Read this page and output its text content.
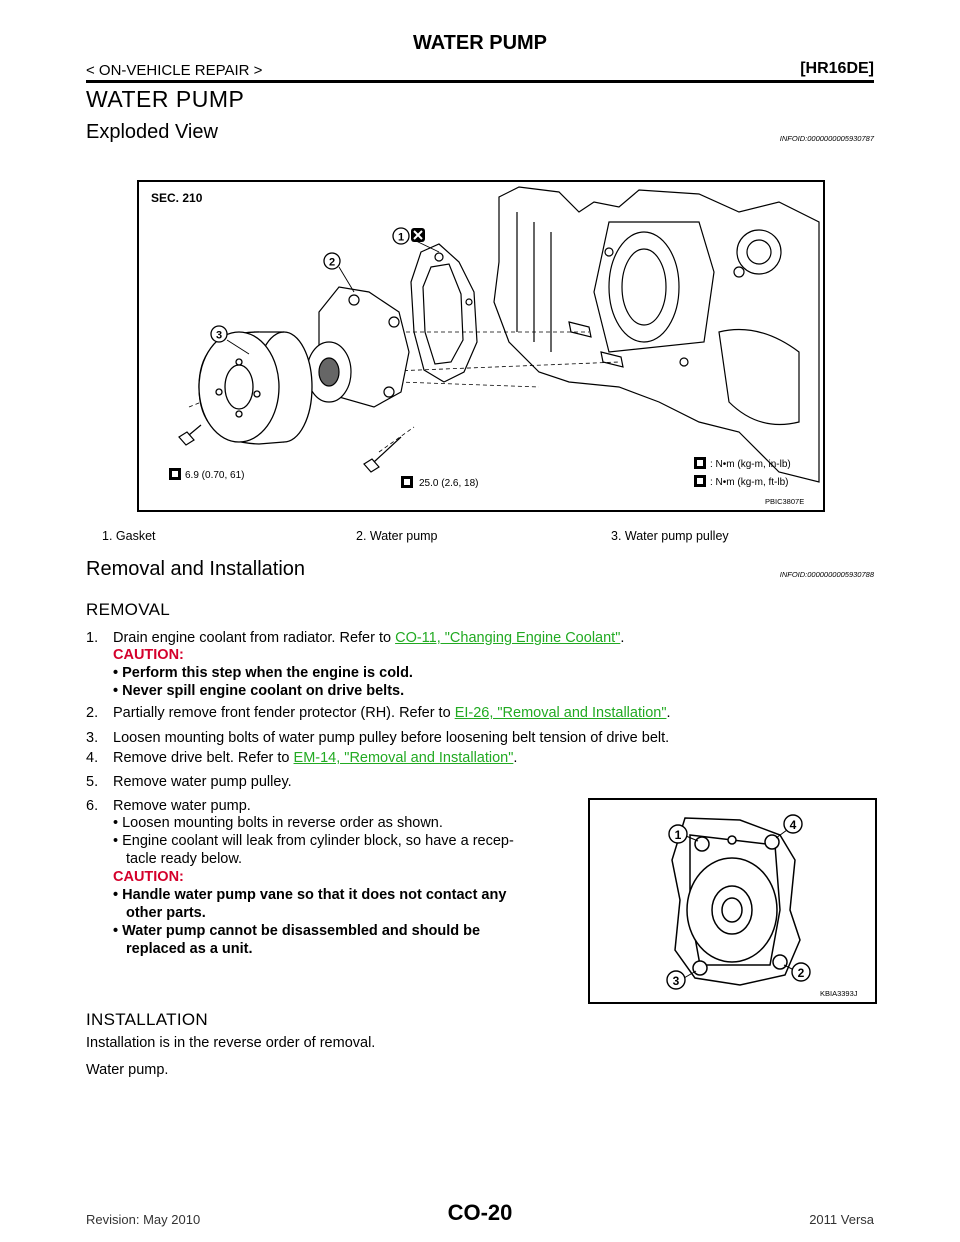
WATER PUMP
< ON-VEHICLE REPAIR >	[HR16DE]
WATER PUMP
Exploded View	INFOID:0000000005930787
SEC. 210
1
2
3
6.9 (0.70, 61)
25.0 (2.6, 18)
: N•m (kg-m, in-lb)
: N•m (kg-m, ft-lb)
PBIC3807E
1. Gasket	2. Water pump	3. Water pump pulley
Removal and Installation	INFOID:0000000005930788
REMOVAL
1. Drain engine coolant from radiator. Refer to CO-11, "Changing Engine Coolant".
CAUTION:
• Perform this step when the engine is cold.
• Never spill engine coolant on drive belts.
2. Partially remove front fender protector (RH). Refer to EI-26, "Removal and Installation".
3. Loosen mounting bolts of water pump pulley before loosening belt tension of drive belt.
4. Remove drive belt. Refer to EM-14, "Removal and Installation".
5. Remove water pump pulley.
6. Remove water pump.
• Loosen mounting bolts in reverse order as shown.
• Engine coolant will leak from cylinder block, so have a recep-
tacle ready below.
CAUTION:
• Handle water pump vane so that it does not contact any
other parts.
• Water pump cannot be disassembled and should be
replaced as a unit.
1
4
3
2
KBIA3393J
INSTALLATION
Installation is in the reverse order of removal.
Water pump.
Revision: May 2010	CO-20	2011 Versa
